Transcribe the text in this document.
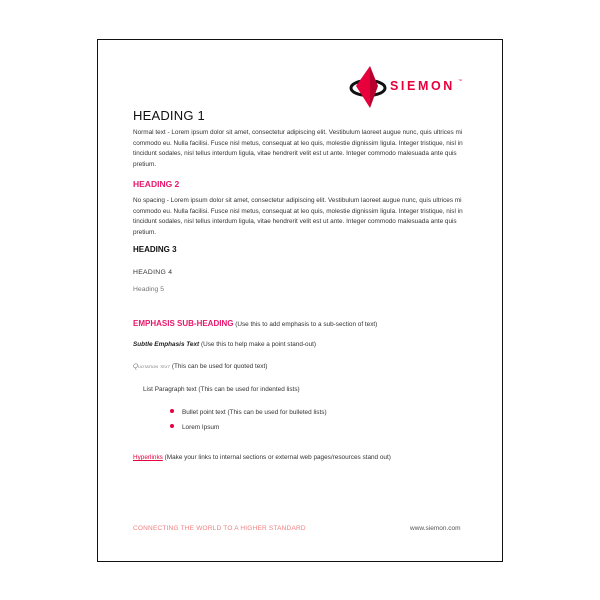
SIEMON ™
HEADING 1
Normal text - Lorem ipsum dolor sit amet, consectetur adipiscing elit. Vestibulum laoreet augue nunc, quis ultrices mi commodo eu. Nulla facilisi. Fusce nisl metus, consequat at leo quis, molestie dignissim ligula. Integer tristique, nisl in tincidunt sodales, nisl tellus interdum ligula, vitae hendrerit velit est ut ante. Integer commodo malesuada ante quis pretium.
HEADING 2
No spacing - Lorem ipsum dolor sit amet, consectetur adipiscing elit. Vestibulum laoreet augue nunc, quis ultrices mi commodo eu. Nulla facilisi. Fusce nisl metus, consequat at leo quis, molestie dignissim ligula. Integer tristique, nisl in tincidunt sodales, nisl tellus interdum ligula, vitae hendrerit velit est ut ante. Integer commodo malesuada ante quis pretium.
HEADING 3
HEADING 4
Heading 5
EMPHASIS SUB-HEADING (Use this to add emphasis to a sub-section of text)
Subtle Emphasis Text (Use this to help make a point stand-out)
Quotation text (This can be used for quoted text)
List Paragraph text (This can be used for indented lists)
Bullet point text (This can be used for bulleted lists)
Lorem Ipsum
Hyperlinks (Make your links to internal sections or external web pages/resources stand out)
CONNECTING THE WORLD TO A HIGHER STANDARD	www.siemon.com
